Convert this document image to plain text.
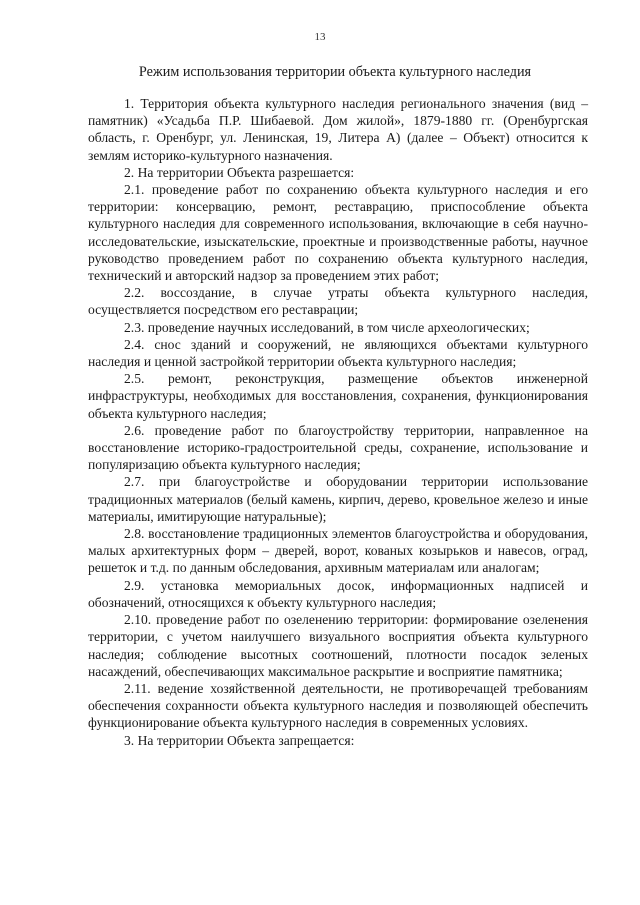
13
Режим использования территории объекта культурного наследия

1. Территория объекта культурного наследия регионального значения (вид – памятник) «Усадьба П.Р. Шибаевой. Дом жилой», 1879-1880 гг. (Оренбургская область, г. Оренбург, ул. Ленинская, 19, Литера А) (далее – Объект) относится к землям историко-культурного назначения.

2. На территории Объекта разрешается:

2.1. проведение работ по сохранению объекта культурного наследия и его территории: консервацию, ремонт, реставрацию, приспособление объекта культурного наследия для современного использования, включающие в себя научно-исследовательские, изыскательские, проектные и производственные работы, научное руководство проведением работ по сохранению объекта культурного наследия, технический и авторский надзор за проведением этих работ;

2.2. воссоздание, в случае утраты объекта культурного наследия, осуществляется посредством его реставрации;

2.3. проведение научных исследований, в том числе археологических;

2.4. снос зданий и сооружений, не являющихся объектами культурного наследия и ценной застройкой территории объекта культурного наследия;

2.5. ремонт, реконструкция, размещение объектов инженерной инфраструктуры, необходимых для восстановления, сохранения, функционирования объекта культурного наследия;

2.6. проведение работ по благоустройству территории, направленное на восстановление историко-градостроительной среды, сохранение, использование и популяризацию объекта культурного наследия;

2.7. при благоустройстве и оборудовании территории использование традиционных материалов (белый камень, кирпич, дерево, кровельное железо и иные материалы, имитирующие натуральные);

2.8. восстановление традиционных элементов благоустройства и оборудования, малых архитектурных форм – дверей, ворот, кованых козырьков и навесов, оград, решеток и т.д. по данным обследования, архивным материалам или аналогам;

2.9. установка мемориальных досок, информационных надписей и обозначений, относящихся к объекту культурного наследия;

2.10. проведение работ по озеленению территории: формирование озеленения территории, с учетом наилучшего визуального восприятия объекта культурного наследия; соблюдение высотных соотношений, плотности посадок зеленых насаждений, обеспечивающих максимальное раскрытие и восприятие памятника;

2.11. ведение хозяйственной деятельности, не противоречащей требованиям обеспечения сохранности объекта культурного наследия и позволяющей обеспечить функционирование объекта культурного наследия в современных условиях.

3. На территории Объекта запрещается:
